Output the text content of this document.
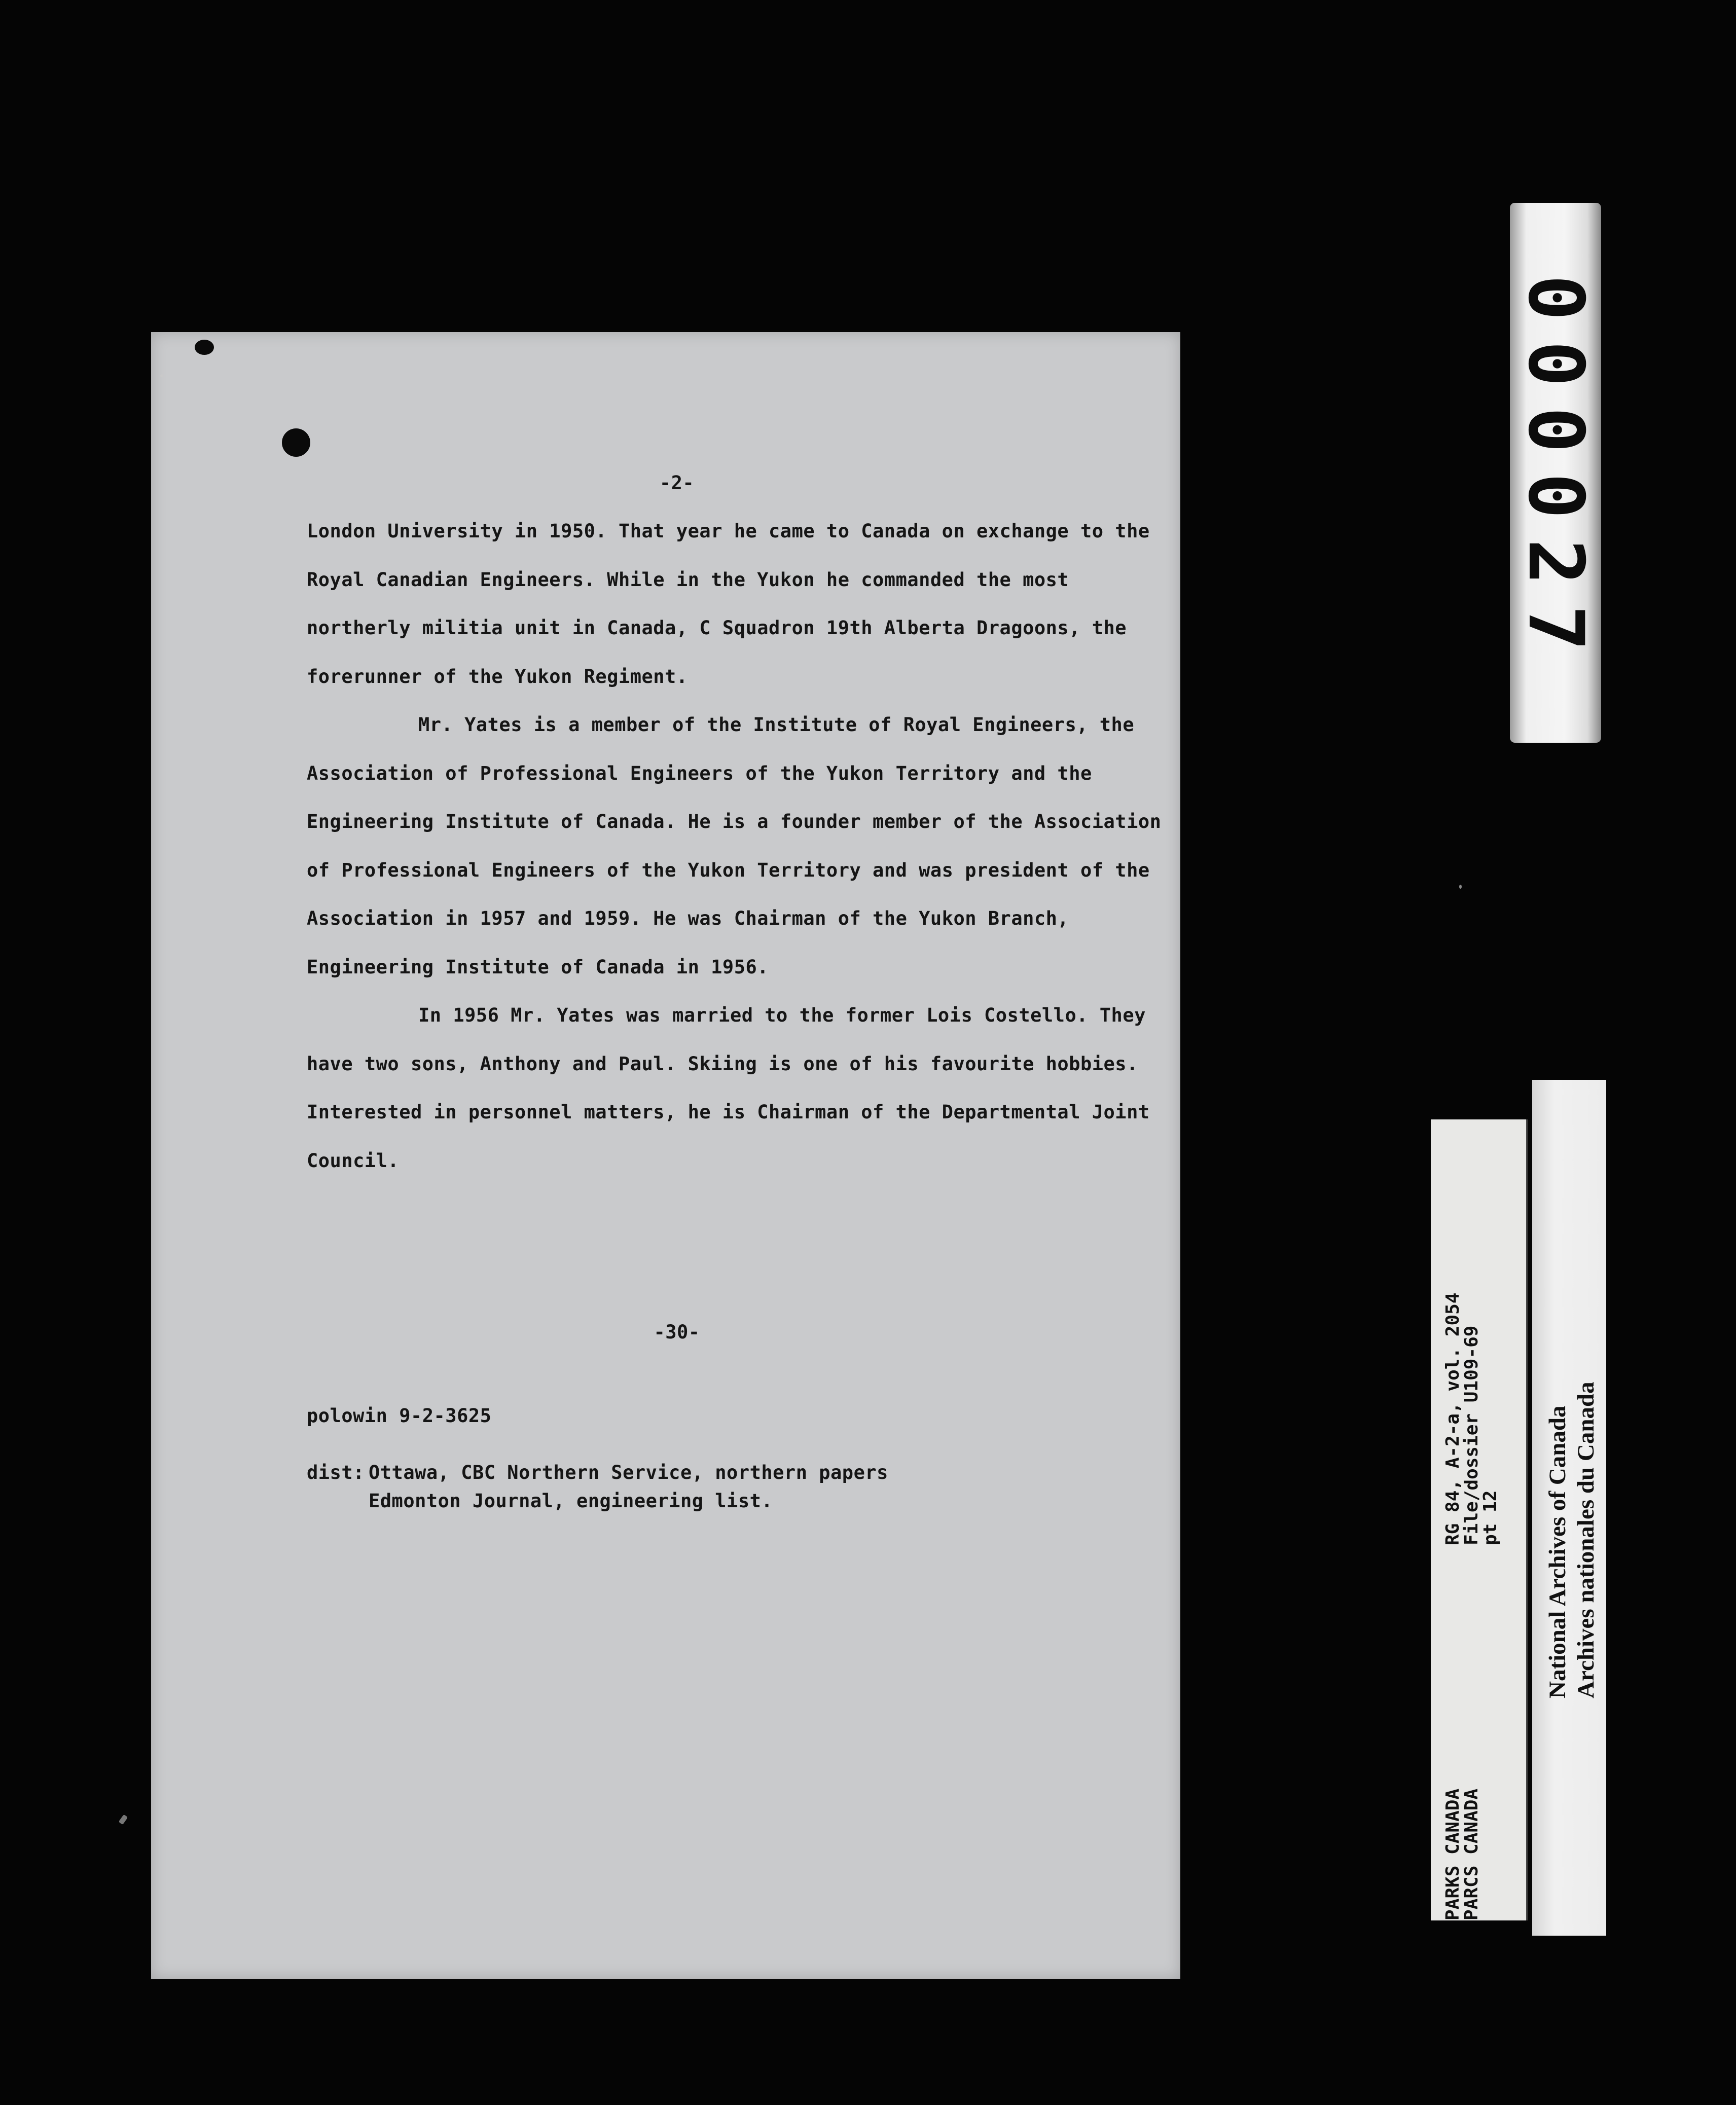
-2-
London University in 1950. That year he came to Canada on exchange to the
Royal Canadian Engineers. While in the Yukon he commanded the most
northerly militia unit in Canada, C Squadron 19th Alberta Dragoons, the
forerunner of the Yukon Regiment.
Mr. Yates is a member of the Institute of Royal Engineers, the
Association of Professional Engineers of the Yukon Territory and the
Engineering Institute of Canada. He is a founder member of the Association
of Professional Engineers of the Yukon Territory and was president of the
Association in 1957 and 1959. He was Chairman of the Yukon Branch,
Engineering Institute of Canada in 1956.
In 1956 Mr. Yates was married to the former Lois Costello. They
have two sons, Anthony and Paul. Skiing is one of his favourite hobbies.
Interested in personnel matters, he is Chairman of the Departmental Joint
Council.
-30-
polowin 9-2-3625
dist: Ottawa, CBC Northern Service, northern papers
Edmonton Journal, engineering list.
000027
RG 84, A-2-a, vol. 2054
File/dossier U109-69
pt 12
PARKS CANADA
PARCS CANADA
National Archives of Canada Archives nationales du Canada
